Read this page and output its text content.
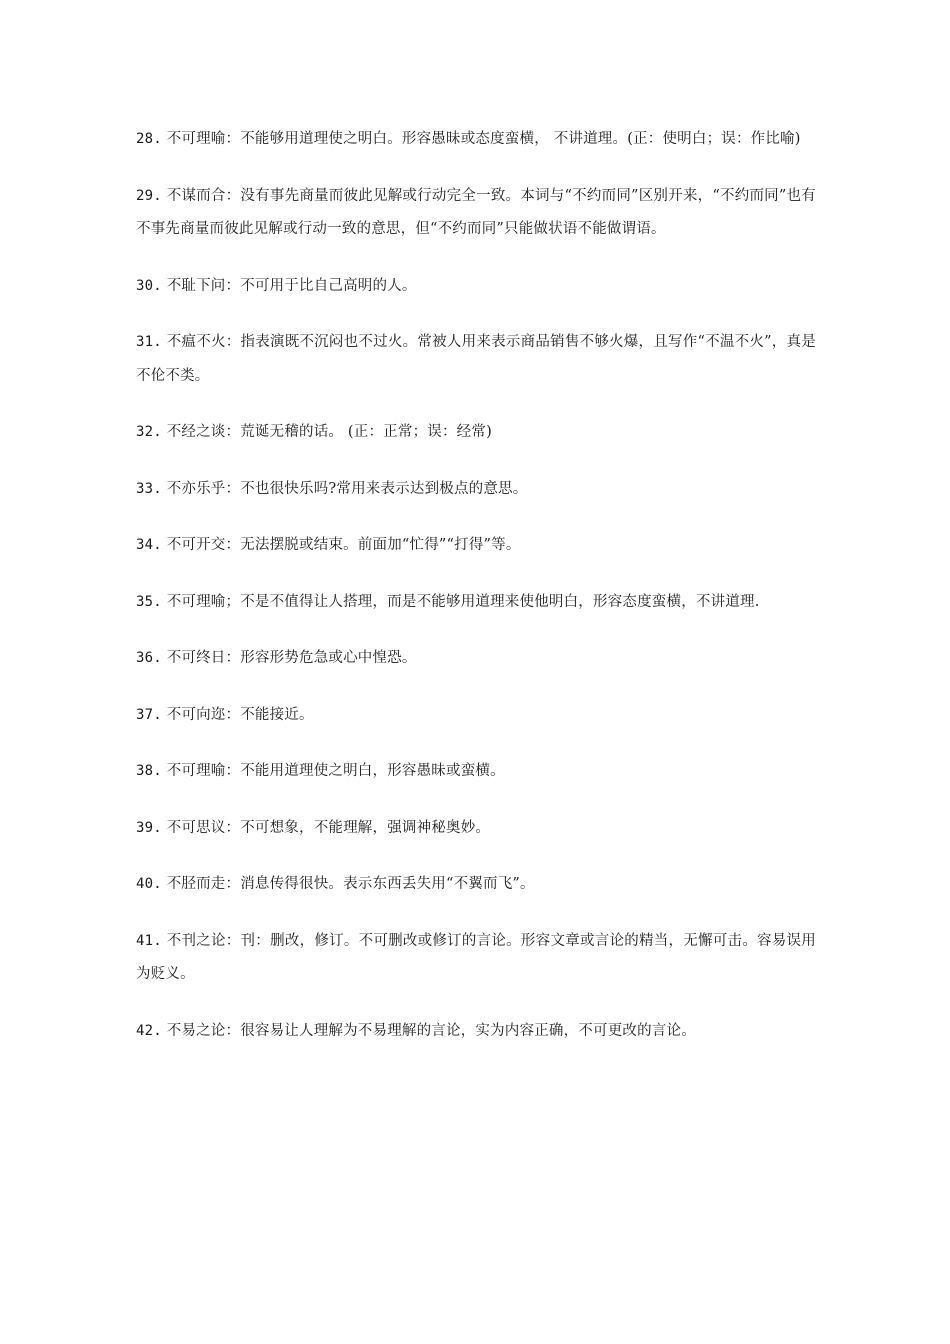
28. 不可理喻：不能够用道理使之明白。形容愚昧或态度蛮横， 不讲道理。(正：使明白；误：作比喻)

29. 不谋而合：没有事先商量而彼此见解或行动完全一致。本词与“不约而同”区别开来，“不约而同”也有不事先商量而彼此见解或行动一致的意思，但“不约而同”只能做状语不能做谓语。

30. 不耻下问：不可用于比自己高明的人。

31. 不瘟不火：指表演既不沉闷也不过火。常被人用来表示商品销售不够火爆，且写作“不温不火”，真是不伦不类。

32. 不经之谈：荒诞无稽的话。 (正：正常；误：经常)

33. 不亦乐乎：不也很快乐吗?常用来表示达到极点的意思。

34. 不可开交：无法摆脱或结束。前面加“忙得”“打得”等。

35. 不可理喻；不是不值得让人搭理，而是不能够用道理来使他明白，形容态度蛮横，不讲道理.

36. 不可终日：形容形势危急或心中惶恐。

37. 不可向迩：不能接近。

38. 不可理喻：不能用道理使之明白，形容愚昧或蛮横。

39. 不可思议：不可想象，不能理解，强调神秘奥妙。

40. 不胫而走：消息传得很快。表示东西丢失用“不翼而飞”。

41. 不刊之论：刊：删改，修订。不可删改或修订的言论。形容文章或言论的精当，无懈可击。容易误用为贬义。

42. 不易之论：很容易让人理解为不易理解的言论，实为内容正确，不可更改的言论。
